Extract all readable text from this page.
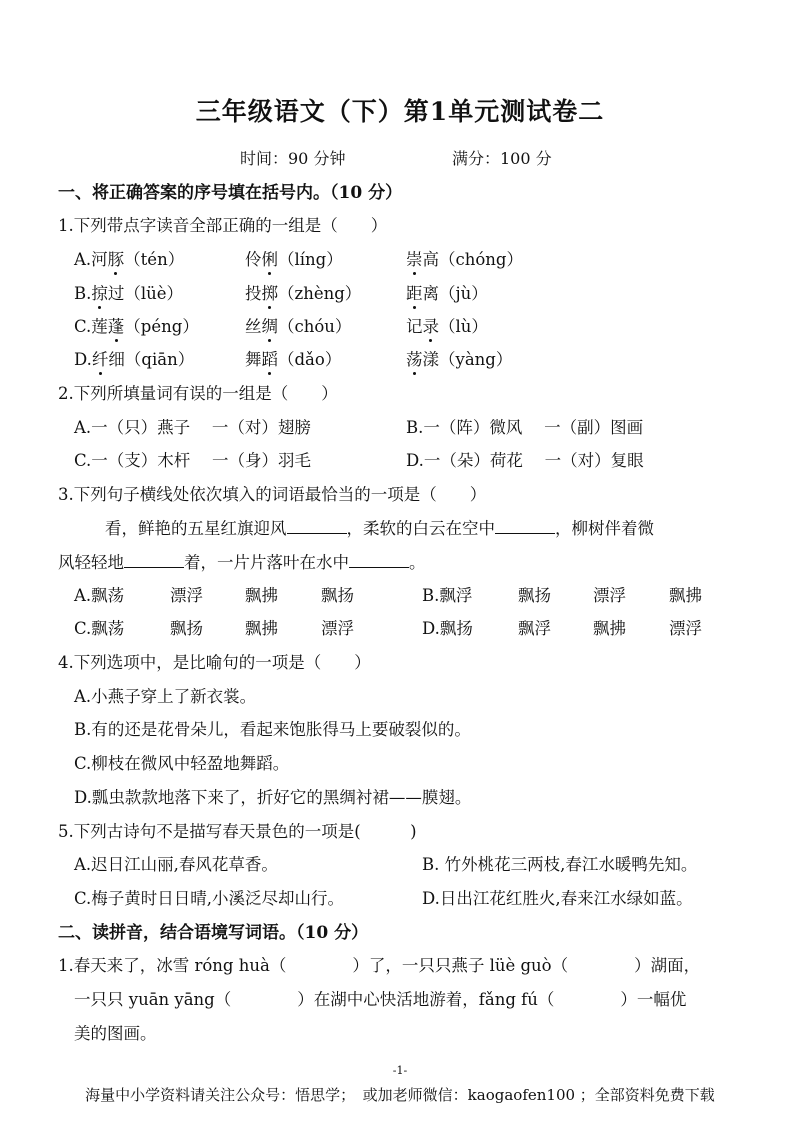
三年级语文（下）第1单元测试卷二
时间：90 分钟	满分：100 分
一、将正确答案的序号填在括号内。（10 分）
1.下列带点字读音全部正确的一组是（　　）
A.河豚（tén）	伶俐（líng）	崇高（chóng）
B.掠过（lüè）	投掷（zhèng）	距离（jù）
C.莲蓬（péng）	丝绸（chóu）	记录（lù）
D.纤细（qiān）	舞蹈（dǎo）	荡漾（yàng）
2.下列所填量词有误的一组是（　　）
A.一（只）燕子　 一（对）翅膀	B.一（阵）微风　 一（副）图画
C.一（支）木杆　 一（身）羽毛	D.一（朵）荷花　 一（对）复眼
3.下列句子横线处依次填入的词语最恰当的一项是（　　）
看，鲜艳的五星红旗迎风	，柔软的白云在空中	，柳树伴着微
风轻轻地	着，一片片落叶在水中	。
A.飘荡	漂浮	飘拂	飘扬	B.飘浮	飘扬	漂浮	飘拂
C.飘荡	飘扬	飘拂	漂浮	D.飘扬	飘浮	飘拂	漂浮
4.下列选项中，是比喻句的一项是（　　）
A.小燕子穿上了新衣裳。
B.有的还是花骨朵儿，看起来饱胀得马上要破裂似的。
C.柳枝在微风中轻盈地舞蹈。
D.瓢虫款款地落下来了，折好它的黑绸衬裙——膜翅。
5.下列古诗句不是描写春天景色的一项是(　　　)
A.迟日江山丽,春风花草香。	B. 竹外桃花三两枝,春江水暖鸭先知。
C.梅子黄时日日晴,小溪泛尽却山行。	D.日出江花红胜火,春来江水绿如蓝。
二、读拼音，结合语境写词语。（10 分）
1.春天来了，冰雪 róng huà（　　　　）了，一只只燕子 lüè guò（　　　　）湖面，
一只只 yuān yāng（　　　　）在湖中心快活地游着，fǎng fú（　　　　）一幅优
美的图画。
-1-
海量中小学资料请关注公众号：悟思学；　或加老师微信：kaogaofen100 ；全部资料免费下载
